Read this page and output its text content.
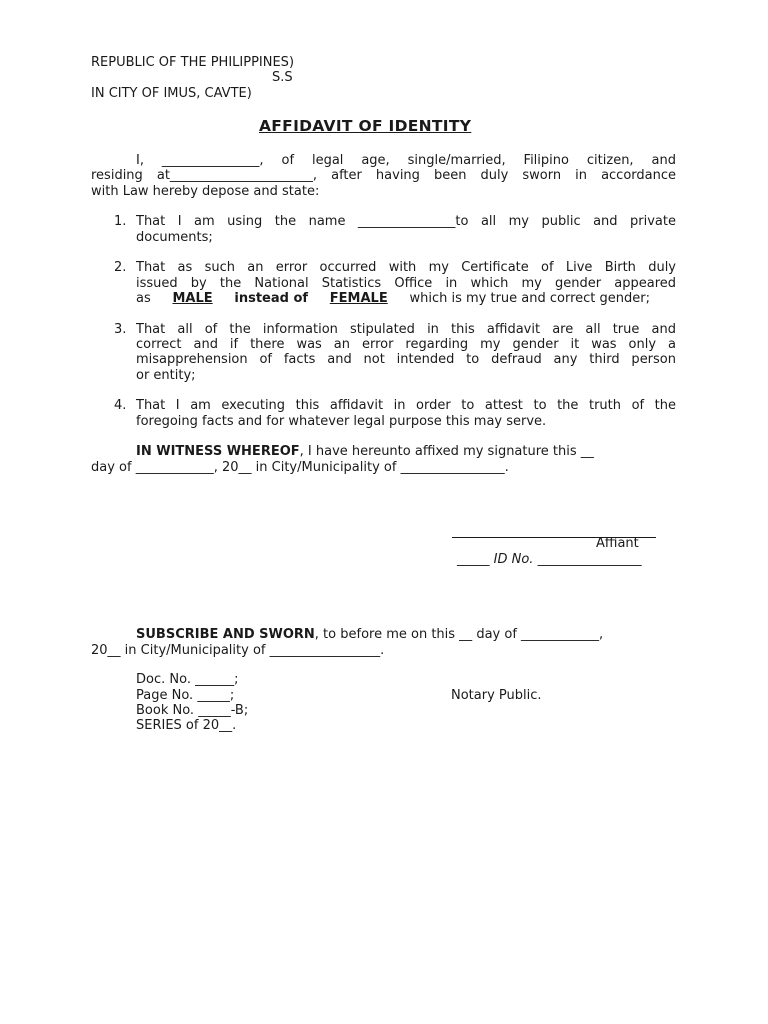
REPUBLIC OF THE PHILIPPINES)
S.S
IN CITY OF IMUS, CAVTE)
AFFIDAVIT OF IDENTITY
I, _______________, of legal age, single/married, Filipino citizen, and
residing at______________________, after having been duly sworn in accordance
with Law hereby depose and state:
1. That I am using the name _______________to all my public and private
documents;
2. That as such an error occurred with my Certificate of Live Birth duly
issued by the National Statistics Office in which my gender appeared
as MALE instead of FEMALE which is my true and correct gender;
3. That all of the information stipulated in this affidavit are all true and
correct and if there was an error regarding my gender it was only a
misapprehension of facts and not intended to defraud any third person
or entity;
4. That I am executing this affidavit in order to attest to the truth of the
foregoing facts and for whatever legal purpose this may serve.
IN WITNESS WHEREOF, I have hereunto affixed my signature this __
day of ____________, 20__ in City/Municipality of ________________.
Affiant
_____ ID No. ________________
SUBSCRIBE AND SWORN, to before me on this __ day of ____________,
20__ in City/Municipality of _________________.
Doc. No. ______;
Page No. _____;	Notary Public.
Book No. _____-B;
SERIES of 20__.
